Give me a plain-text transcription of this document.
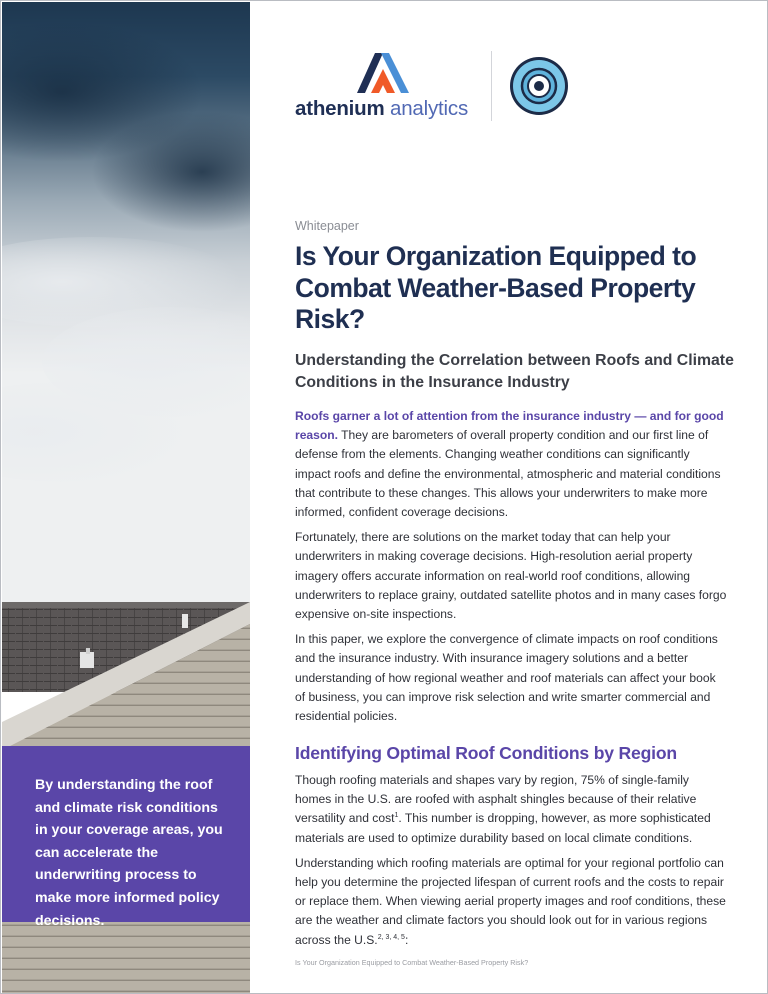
By understanding the roof and climate risk conditions in your coverage areas, you can accelerate the underwriting process to make more informed policy decisions.

athenium analytics
Whitepaper
Is Your Organization Equipped to Combat Weather-Based Property Risk?
Understanding the Correlation between Roofs and Climate Conditions in the Insurance Industry

Roofs garner a lot of attention from the insurance industry — and for good reason. They are barometers of overall property condition and our first line of defense from the elements. Changing weather conditions can significantly impact roofs and define the environmental, atmospheric and material conditions that contribute to these changes. This allows your underwriters to make more informed, confident coverage decisions.

Fortunately, there are solutions on the market today that can help your underwriters in making coverage decisions. High-resolution aerial property imagery offers accurate information on real-world roof conditions, allowing underwriters to replace grainy, outdated satellite photos and in many cases forgo expensive on-site inspections.

In this paper, we explore the convergence of climate impacts on roof conditions and the insurance industry. With insurance imagery solutions and a better understanding of how regional weather and roof materials can affect your book of business, you can improve risk selection and write smarter commercial and residential policies.

Identifying Optimal Roof Conditions by Region

Though roofing materials and shapes vary by region, 75% of single-family homes in the U.S. are roofed with asphalt shingles because of their relative versatility and cost$^1$. This number is dropping, however, as more sophisticated materials are used to optimize durability based on local climate conditions.

Understanding which roofing materials are optimal for your regional portfolio can help you determine the projected lifespan of current roofs and the costs to repair or replace them. When viewing aerial property images and roof conditions, these are the weather and climate factors you should look out for in various regions across the U.S.$^{2, 3, 4, 5}$:

Is Your Organization Equipped to Combat Weather-Based Property Risk?
